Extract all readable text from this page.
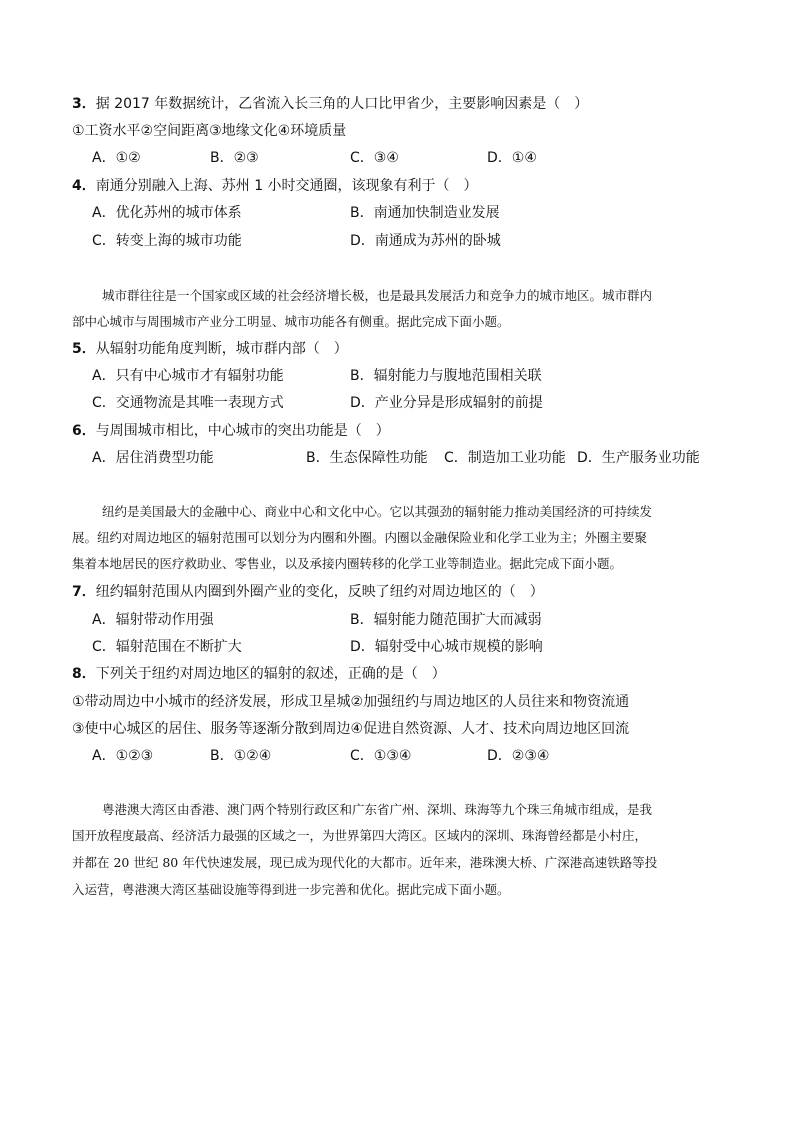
3．据 2017 年数据统计，乙省流入长三角的人口比甲省少，主要影响因素是（　）
①工资水平②空间距离③地缘文化④环境质量
A．①②	B．②③	C．③④	D．①④
4．南通分别融入上海、苏州 1 小时交通圈，该现象有利于（　）
A．优化苏州的城市体系	B．南通加快制造业发展
C．转变上海的城市功能	D．南通成为苏州的卧城
城市群往往是一个国家或区域的社会经济增长极，也是最具发展活力和竞争力的城市地区。城市群内
部中心城市与周围城市产业分工明显、城市功能各有侧重。据此完成下面小题。
5．从辐射功能角度判断，城市群内部（　）
A．只有中心城市才有辐射功能	B．辐射能力与腹地范围相关联
C．交通物流是其唯一表现方式	D．产业分异是形成辐射的前提
6．与周围城市相比，中心城市的突出功能是（　）
A．居住消费型功能	B．生态保障性功能 C．制造加工业功能 D．生产服务业功能
纽约是美国最大的金融中心、商业中心和文化中心。它以其强劲的辐射能力推动美国经济的可持续发
展。纽约对周边地区的辐射范围可以划分为内圈和外圈。内圈以金融保险业和化学工业为主；外圈主要聚
集着本地居民的医疗救助业、零售业，以及承接内圈转移的化学工业等制造业。据此完成下面小题。
7．纽约辐射范围从内圈到外圈产业的变化，反映了纽约对周边地区的（　）
A．辐射带动作用强	B．辐射能力随范围扩大而减弱
C．辐射范围在不断扩大	D．辐射受中心城市规模的影响
8．下列关于纽约对周边地区的辐射的叙述，正确的是（　）
①带动周边中小城市的经济发展，形成卫星城②加强纽约与周边地区的人员往来和物资流通
③使中心城区的居住、服务等逐渐分散到周边④促进自然资源、人才、技术向周边地区回流
A．①②③	B．①②④	C．①③④	D．②③④
粤港澳大湾区由香港、澳门两个特别行政区和广东省广州、深圳、珠海等九个珠三角城市组成，是我
国开放程度最高、经济活力最强的区域之一，为世界第四大湾区。区域内的深圳、珠海曾经都是小村庄，
并都在 20 世纪 80 年代快速发展，现已成为现代化的大都市。近年来，港珠澳大桥、广深港高速铁路等投
入运营，粤港澳大湾区基础设施等得到进一步完善和优化。据此完成下面小题。
